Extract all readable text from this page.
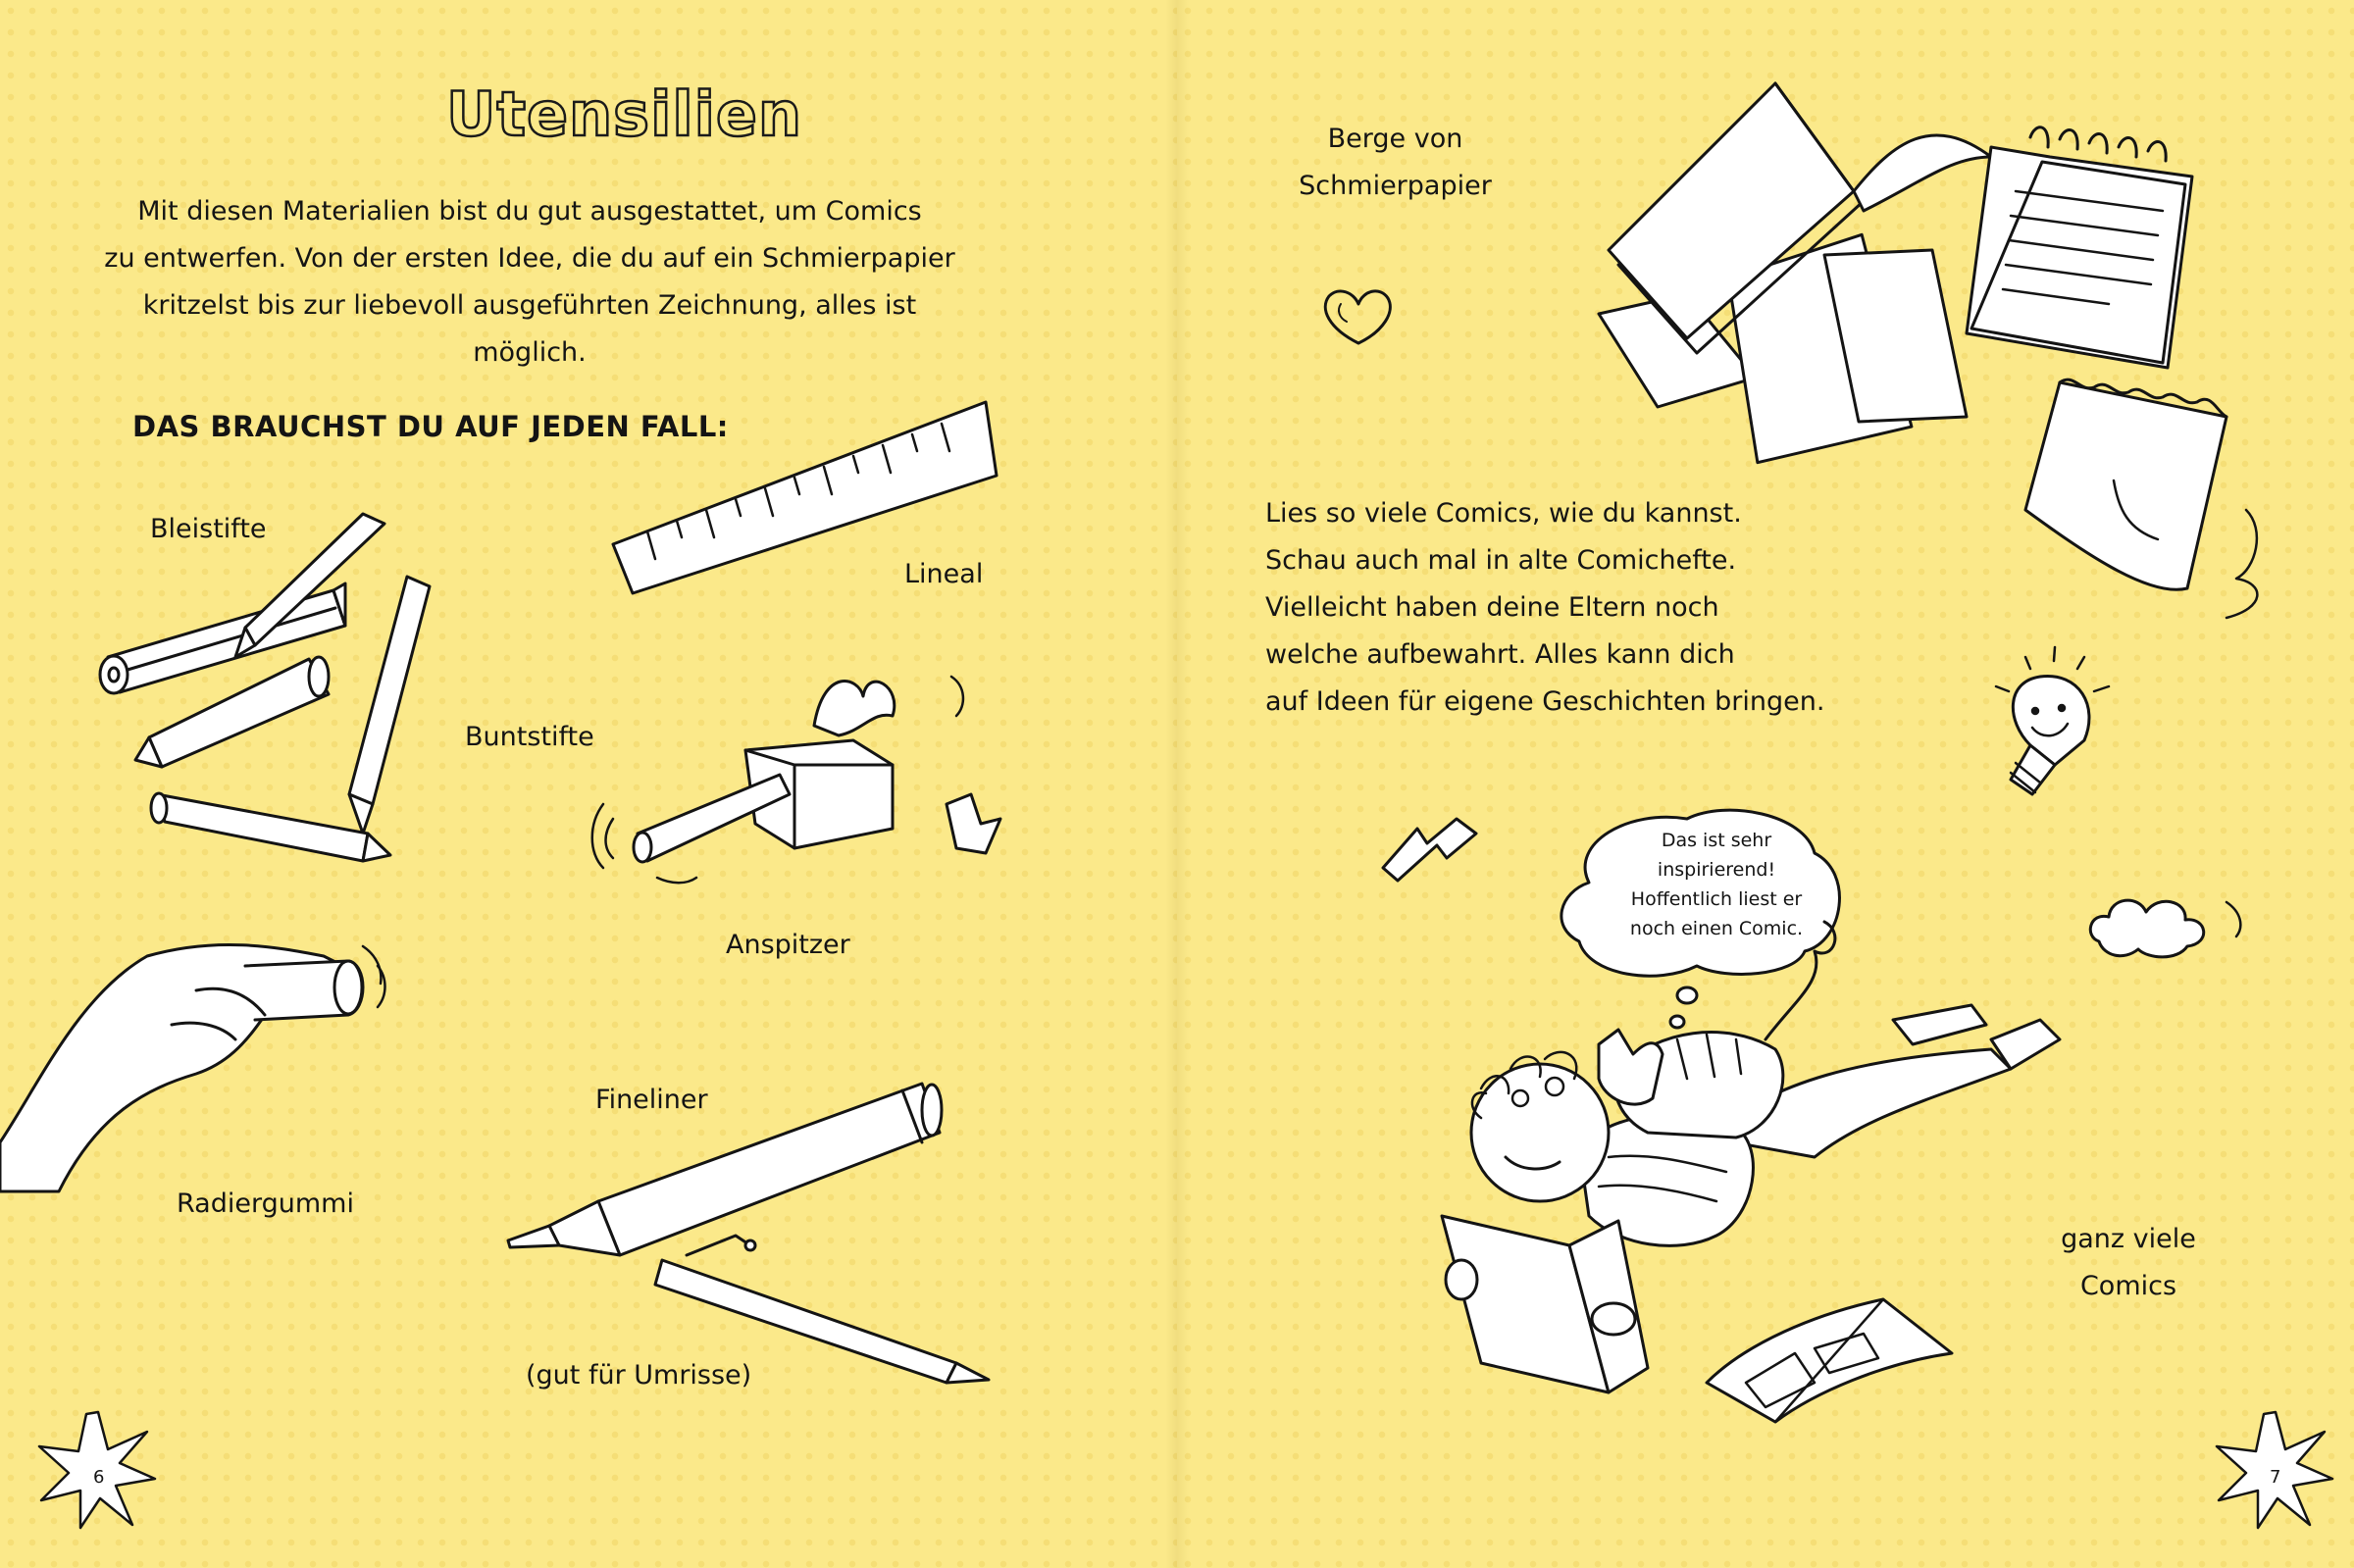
Utensilien
Mit diesen Materialien bist du gut ausgestattet, um Comics
zu entwerfen. Von der ersten Idee, die du auf ein Schmierpapier
kritzelst bis zur liebevoll ausgeführten Zeichnung, alles ist möglich.
DAS BRAUCHST DU AUF JEDEN FALL:
Bleistifte
Buntstifte
Lineal
Anspitzer
Radiergummi
Fineliner
(gut für Umrisse)
6
Berge von
Schmierpapier
Lies so viele Comics, wie du kannst.
Schau auch mal in alte Comichefte.
Vielleicht haben deine Eltern noch
welche aufbewahrt. Alles kann dich
auf Ideen für eigene Geschichten bringen.
Das ist sehr
inspirierend!
Hoffentlich liest er
noch einen Comic.
ganz viele
Comics
7
